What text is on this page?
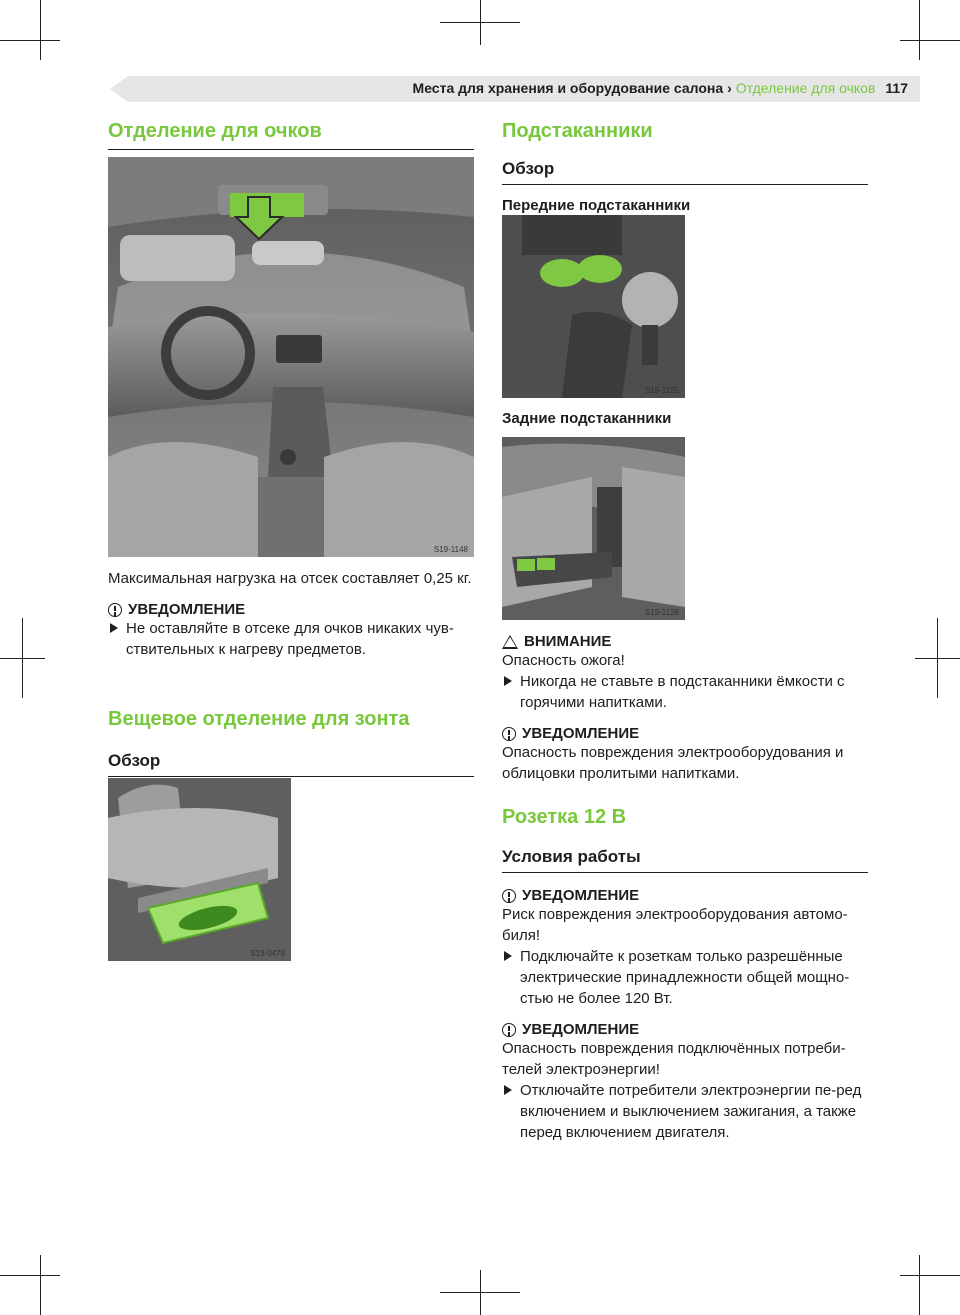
Места для хранения и оборудование салона › Отделение для очков 117
Отделение для очков
S19-1148

Максимальная нагрузка на отсек составляет 0,25 кг.

УВЕДОМЛЕНИЕ

Не оставляйте в отсеке для очков никаких чув-ствительных к нагреву предметов.

Вещевое отделение для зонта
Обзор
S19-0479
Подстаканники
Обзор
Передние подстаканники
S19-1125
Задние подстаканники
S19-1126

ВНИМАНИЕ

Опасность ожога!

Никогда не ставьте в подстаканники ёмкости с горячими напитками.

УВЕДОМЛЕНИЕ

Опасность повреждения электрооборудования и облицовки пролитыми напитками.

Розетка 12 В
Условия работы

УВЕДОМЛЕНИЕ

Риск повреждения электрооборудования автомо-биля!

Подключайте к розеткам только разрешённые электрические принадлежности общей мощно-стью не более 120 Вт.

УВЕДОМЛЕНИЕ

Опасность повреждения подключённых потреби-телей электроэнергии!

Отключайте потребители электроэнергии пе-ред включением и выключением зажигания, а также перед включением двигателя.
